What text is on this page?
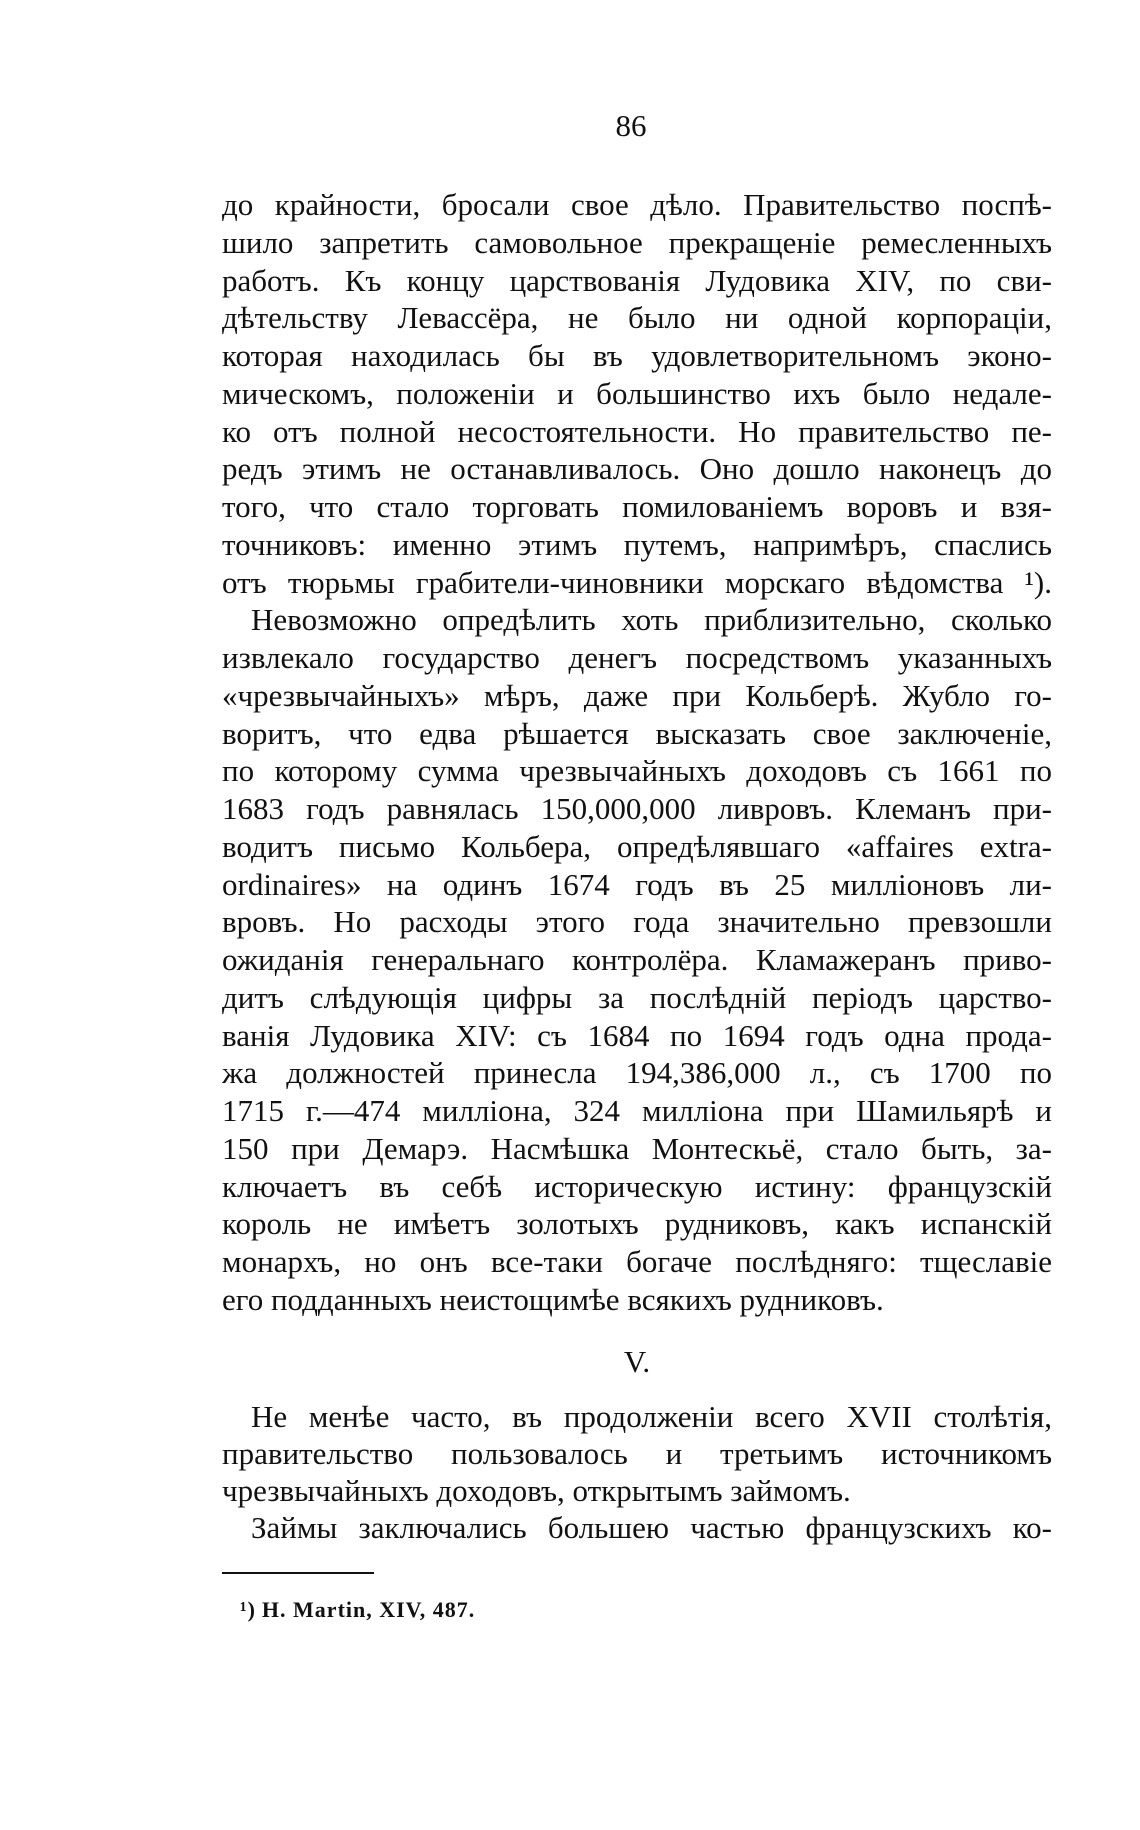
86
до крайности, бросали свое дѣло. Правительство поспѣ-
шило запретить самовольное прекращеніе ремесленныхъ
работъ. Къ концу царствованія Лудовика XIV, по сви-
дѣтельству Левассёра, не было ни одной корпораціи,
которая находилась бы въ удовлетворительномъ эконо-
мическомъ, положеніи и большинство ихъ было недале-
ко отъ полной несостоятельности. Но правительство пе-
редъ этимъ не останавливалось. Оно дошло наконецъ до
того, что стало торговать помилованіемъ воровъ и взя-
точниковъ: именно этимъ путемъ, напримѣръ, спаслись
отъ тюрьмы грабители-чиновники морскаго вѣдомства ¹).
Невозможно опредѣлить хоть приблизительно, сколько
извлекало государство денегъ посредствомъ указанныхъ
«чрезвычайныхъ» мѣръ, даже при Кольберѣ. Жубло го-
воритъ, что едва рѣшается высказать свое заключеніе,
по которому сумма чрезвычайныхъ доходовъ съ 1661 по
1683 годъ равнялась 150,000,000 ливровъ. Клеманъ при-
водитъ письмо Кольбера, опредѣлявшаго «affaires extra-
ordinaires» на одинъ 1674 годъ въ 25 милліоновъ ли-
вровъ. Но расходы этого года значительно превзошли
ожиданія генеральнаго контролёра. Кламажеранъ приво-
дитъ слѣдующія цифры за послѣдній періодъ царство-
ванія Лудовика XIV: съ 1684 по 1694 годъ одна прода-
жа должностей принесла 194,386,000 л., съ 1700 по
1715 г.—474 милліона, 324 милліона при Шамильярѣ и
150 при Демарэ. Насмѣшка Монтескьё, стало быть, за-
ключаетъ въ себѣ историческую истину: французскій
король не имѣетъ золотыхъ рудниковъ, какъ испанскій
монархъ, но онъ все-таки богаче послѣдняго: тщеславіе
его подданныхъ неистощимѣе всякихъ рудниковъ.
V.
Не менѣе часто, въ продолженіи всего XVII столѣтія,
правительство пользовалось и третьимъ источникомъ
чрезвычайныхъ доходовъ, открытымъ займомъ.
Займы заключались большею частью французскихъ ко-
¹) H. Martin, XIV, 487.
